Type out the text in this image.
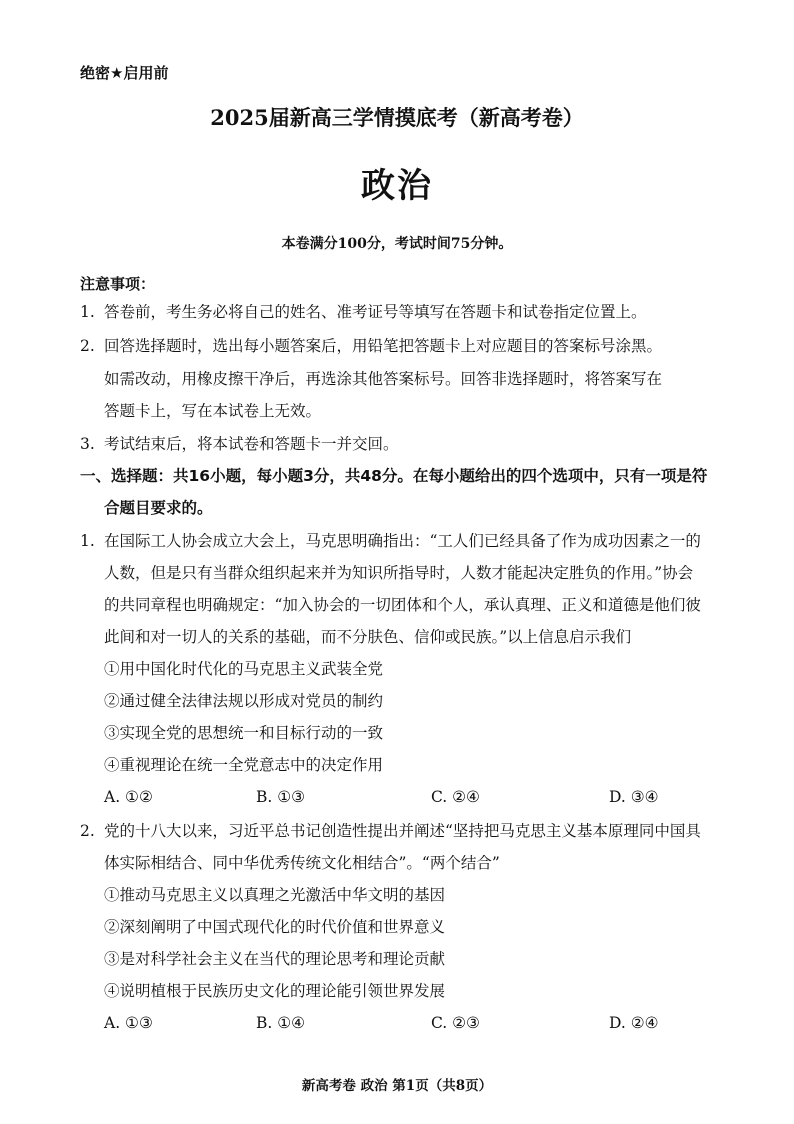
绝密★启用前
2025届新高三学情摸底考（新高考卷）
政治
本卷满分100分，考试时间75分钟。
注意事项：
1. 答卷前，考生务必将自己的姓名、准考证号等填写在答题卡和试卷指定位置上。
2. 回答选择题时，选出每小题答案后，用铅笔把答题卡上对应题目的答案标号涂黑。
如需改动，用橡皮擦干净后，再选涂其他答案标号。回答非选择题时，将答案写在
答题卡上，写在本试卷上无效。
3. 考试结束后，将本试卷和答题卡一并交回。
一、选择题：共16小题，每小题3分，共48分。在每小题给出的四个选项中，只有一项是符
合题目要求的。
1. 在国际工人协会成立大会上，马克思明确指出：“工人们已经具备了作为成功因素之一的
人数，但是只有当群众组织起来并为知识所指导时，人数才能起决定胜负的作用。”协会
的共同章程也明确规定：“加入协会的一切团体和个人，承认真理、正义和道德是他们彼
此间和对一切人的关系的基础，而不分肤色、信仰或民族。”以上信息启示我们
①用中国化时代化的马克思主义武装全党
②通过健全法律法规以形成对党员的制约
③实现全党的思想统一和目标行动的一致
④重视理论在统一全党意志中的决定作用
A. ①②	B. ①③	C. ②④	D. ③④
2. 党的十八大以来，习近平总书记创造性提出并阐述“坚持把马克思主义基本原理同中国具
体实际相结合、同中华优秀传统文化相结合”。“两个结合”
①推动马克思主义以真理之光激活中华文明的基因
②深刻阐明了中国式现代化的时代价值和世界意义
③是对科学社会主义在当代的理论思考和理论贡献
④说明植根于民族历史文化的理论能引领世界发展
A. ①③	B. ①④	C. ②③	D. ②④
新高考卷 政治 第1页（共8页）
